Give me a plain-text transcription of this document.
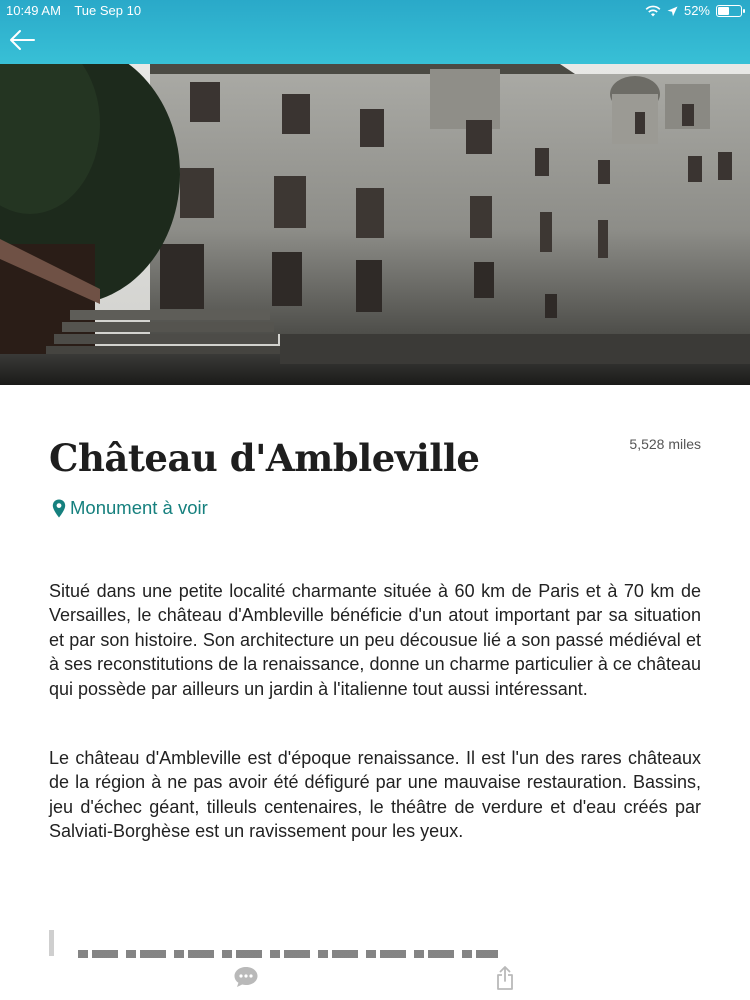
10:49 AM Tue Sep 10	52%
5,528 miles
Château d'Ambleville
Monument à voir

Situé dans une petite localité charmante située à 60 km de Paris et à 70 km de Versailles, le château d'Ambleville bénéficie d'un atout important par sa situation et par son histoire. Son architecture un peu décousue lié a son passé médiéval et à ses reconstitutions de la renaissance, donne un charme particulier à ce château qui possède par ailleurs un jardin à l'italienne tout aussi intéressant.

Le château d'Ambleville est d'époque renaissance. Il est l'un des rares châteaux de la région à ne pas avoir été défiguré par une mauvaise restauration. Bassins, jeu d'échec géant, tilleuls centenaires, le théâtre de verdure et d'eau créés par Salviati-Borghèse est un ravissement pour les yeux.
